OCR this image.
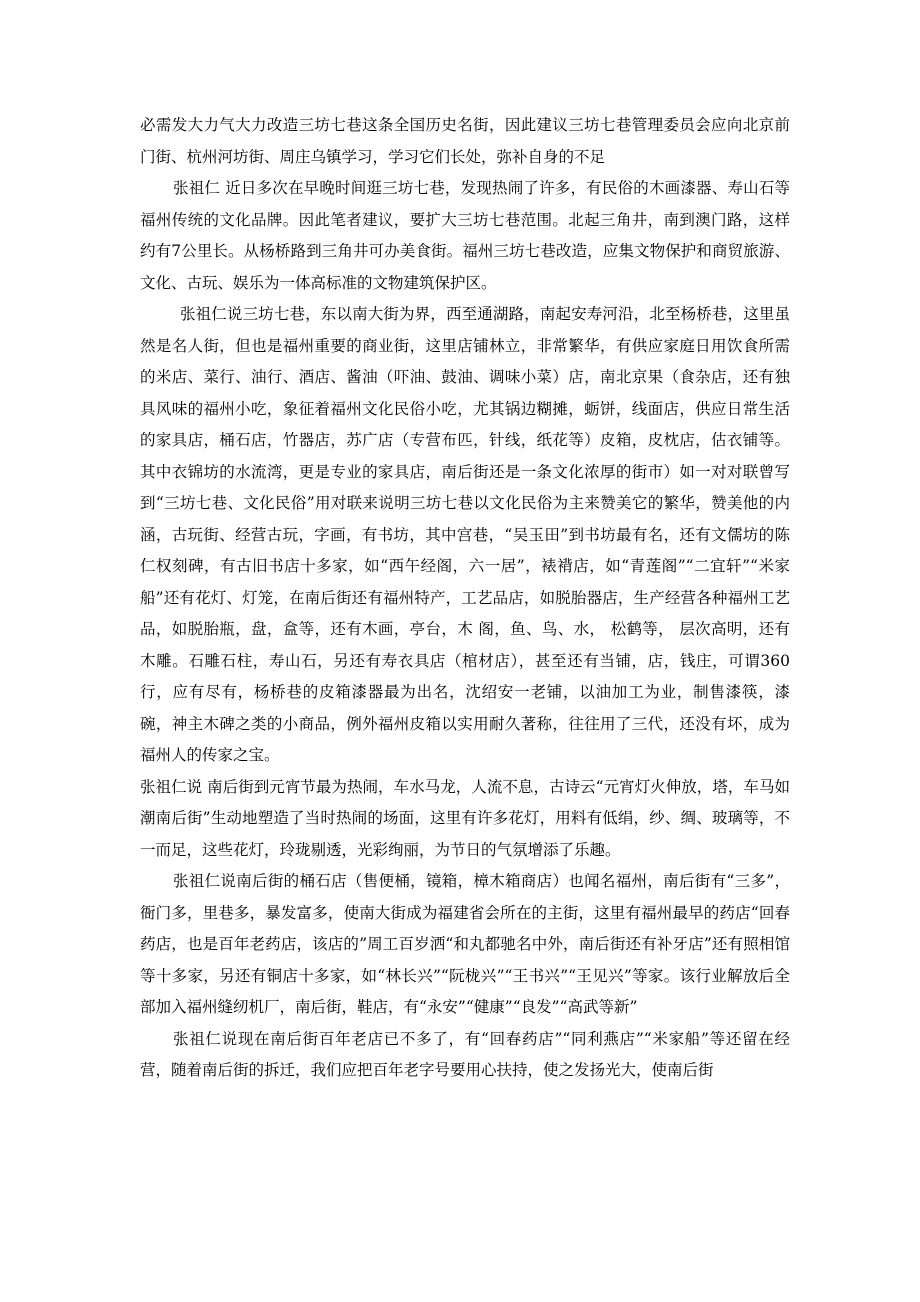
必需发大力气大力改造三坊七巷这条全国历史名街，因此建议三坊七巷管理委员会应向北京前门街、杭州河坊街、周庄乌镇学习，学习它们长处，弥补自身的不足

张祖仁 近日多次在早晚时间逛三坊七巷，发现热闹了许多，有民俗的木画漆器、寿山石等福州传统的文化品牌。因此笔者建议，要扩大三坊七巷范围。北起三角井，南到澳门路，这样约有7公里长。从杨桥路到三角井可办美食街。福州三坊七巷改造，应集文物保护和商贸旅游、文化、古玩、娱乐为一体高标准的文物建筑保护区。

张祖仁说三坊七巷，东以南大街为界，西至通湖路，南起安寿河沿，北至杨桥巷，这里虽然是名人街，但也是福州重要的商业街，这里店铺林立，非常繁华，有供应家庭日用饮食所需的米店、菜行、油行、酒店、酱油（吓油、鼓油、调味小菜）店，南北京果（食杂店，还有独具风味的福州小吃，象征着福州文化民俗小吃，尤其锅边糊摊，蛎饼，线面店，供应日常生活的家具店，桶石店，竹器店，苏广店（专营布匹，针线，纸花等）皮箱，皮枕店，估衣铺等。其中衣锦坊的水流湾，更是专业的家具店，南后街还是一条文化浓厚的街市）如一对对联曾写到“三坊七巷、文化民俗”用对联来说明三坊七巷以文化民俗为主来赞美它的繁华，赞美他的内涵，古玩街、经营古玩，字画，有书坊，其中宫巷，“吴玉田”到书坊最有名，还有文儒坊的陈仁权刻碑，有古旧书店十多家，如“西午经阁，六一居”，裱褙店，如“青莲阁”“二宜轩”“米家船”还有花灯、灯笼，在南后街还有福州特产，工艺品店，如脱胎器店，生产经营各种福州工艺品，如脱胎瓶，盘，盒等，还有木画，亭台，木 阁，鱼、鸟、水， 松鹤等， 层次高明，还有木雕。石雕石柱，寿山石，另还有寿衣具店（棺材店），甚至还有当铺，店，钱庄，可谓360行，应有尽有，杨桥巷的皮箱漆器最为出名，沈绍安一老铺，以油加工为业，制售漆筷，漆碗，神主木碑之类的小商品，例外福州皮箱以实用耐久著称，往往用了三代，还没有坏，成为福州人的传家之宝。

张祖仁说 南后街到元宵节最为热闹，车水马龙，人流不息，古诗云“元宵灯火伸放，塔，车马如潮南后街”生动地塑造了当时热闹的场面，这里有许多花灯，用料有低绢，纱、绸、玻璃等，不一而足，这些花灯，玲珑剔透，光彩绚丽，为节日的气氛增添了乐趣。

张祖仁说南后街的桶石店（售便桶，镜箱，樟木箱商店）也闻名福州，南后街有“三多”，衙门多，里巷多，暴发富多，使南大街成为福建省会所在的主街，这里有福州最早的药店“回春药店，也是百年老药店，该店的”周工百岁洒“和丸都驰名中外，南后街还有补牙店”还有照相馆等十多家，另还有铜店十多家，如“林长兴”“阮栊兴”“王书兴”“王见兴”等家。该行业解放后全部加入福州缝纫机厂，南后街，鞋店，有“永安”“健康”“良发”“高武等新”

张祖仁说现在南后街百年老店已不多了，有“回春药店”“同利燕店”“米家船”等还留在经营，随着南后街的拆迁，我们应把百年老字号要用心扶持，使之发扬光大，使南后街
